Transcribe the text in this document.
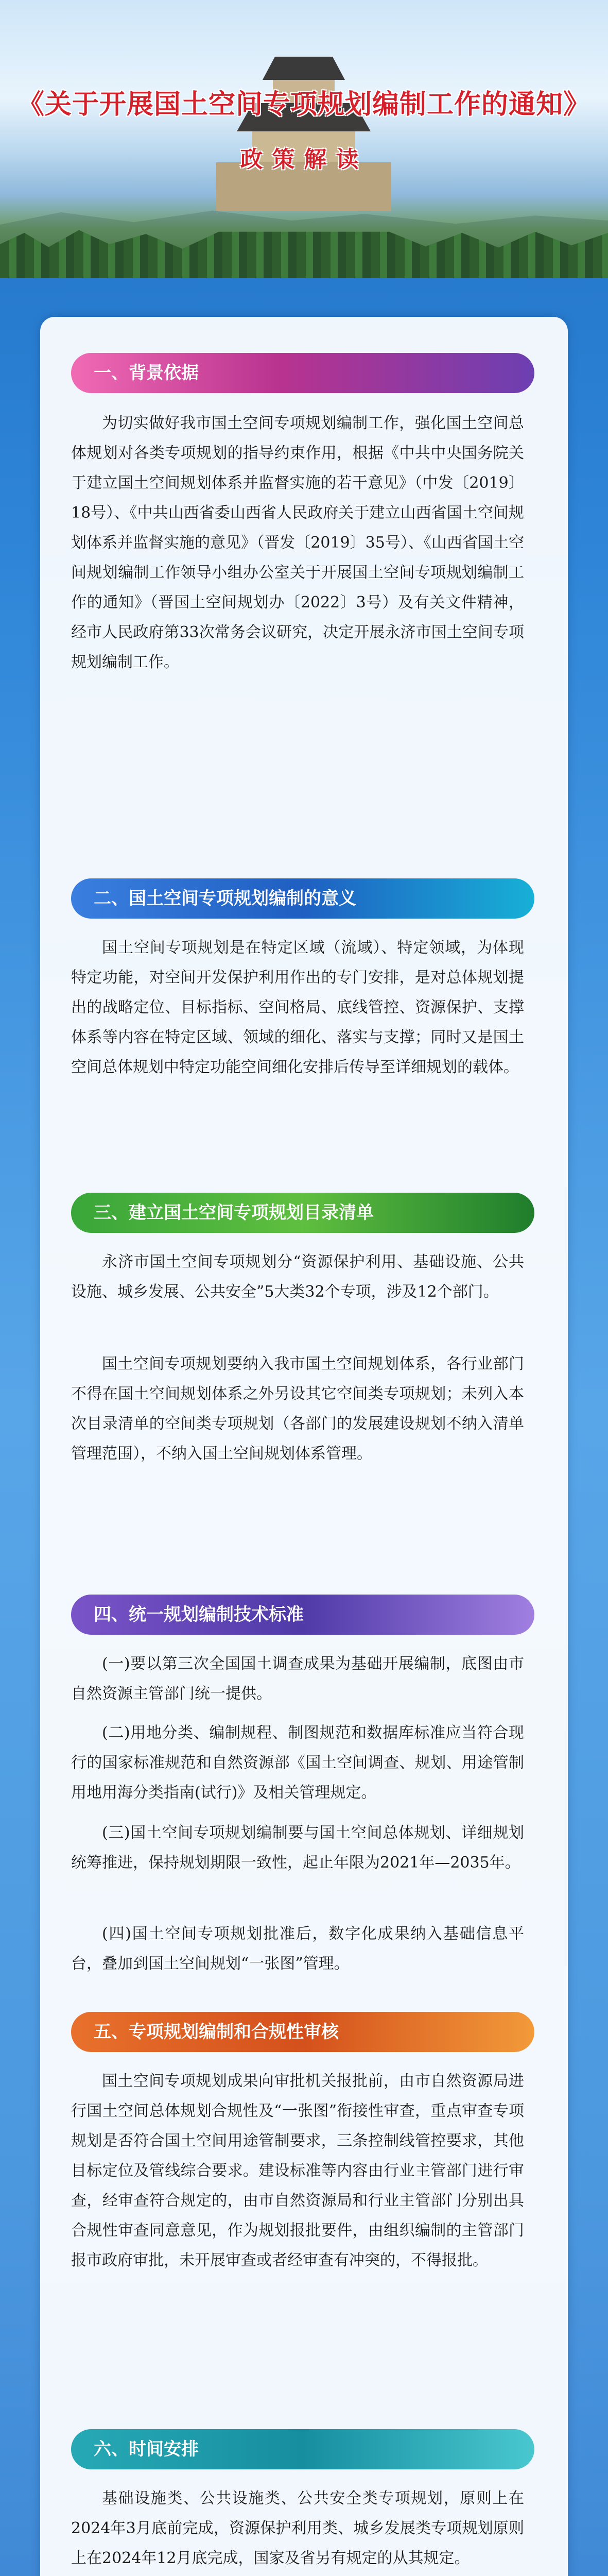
《关于开展国土空间专项规划编制工作的通知》
政策解读
一、背景依据

为切实做好我市国土空间专项规划编制工作，强化国土空间总体规划对各类专项规划的指导约束作用，根据《中共中央国务院关于建立国土空间规划体系并监督实施的若干意见》（中发〔2019〕18号）、《中共山西省委山西省人民政府关于建立山西省国土空间规划体系并监督实施的意见》（晋发〔2019〕35号）、《山西省国土空间规划编制工作领导小组办公室关于开展国土空间专项规划编制工作的通知》（晋国土空间规划办〔2022〕3号）及有关文件精神，经市人民政府第33次常务会议研究，决定开展永济市国土空间专项规划编制工作。

二、国土空间专项规划编制的意义

国土空间专项规划是在特定区域（流域）、特定领域，为体现特定功能，对空间开发保护利用作出的专门安排，是对总体规划提出的战略定位、目标指标、空间格局、底线管控、资源保护、支撑体系等内容在特定区域、领域的细化、落实与支撑；同时又是国土空间总体规划中特定功能空间细化安排后传导至详细规划的载体。

三、建立国土空间专项规划目录清单

永济市国土空间专项规划分“资源保护利用、基础设施、公共设施、城乡发展、公共安全”5大类32个专项，涉及12个部门。

国土空间专项规划要纳入我市国土空间规划体系，各行业部门不得在国土空间规划体系之外另设其它空间类专项规划；未列入本次目录清单的空间类专项规划（各部门的发展建设规划不纳入清单管理范围），不纳入国土空间规划体系管理。

四、统一规划编制技术标准

(一)要以第三次全国国土调查成果为基础开展编制，底图由市自然资源主管部门统一提供。

(二)用地分类、编制规程、制图规范和数据库标准应当符合现行的国家标准规范和自然资源部《国土空间调查、规划、用途管制用地用海分类指南(试行)》及相关管理规定。

(三)国土空间专项规划编制要与国土空间总体规划、详细规划统筹推进，保持规划期限一致性，起止年限为2021年—2035年。

(四)国土空间专项规划批准后，数字化成果纳入基础信息平台，叠加到国土空间规划“一张图”管理。

五、专项规划编制和合规性审核

国土空间专项规划成果向审批机关报批前，由市自然资源局进行国土空间总体规划合规性及“一张图”衔接性审查，重点审查专项规划是否符合国土空间用途管制要求，三条控制线管控要求，其他目标定位及管线综合要求。建设标准等内容由行业主管部门进行审查，经审查符合规定的，由市自然资源局和行业主管部门分别出具合规性审查同意意见，作为规划报批要件，由组织编制的主管部门报市政府审批，未开展审查或者经审查有冲突的，不得报批。

六、时间安排

基础设施类、公共设施类、公共安全类专项规划，原则上在2024年3月底前完成，资源保护利用类、城乡发展类专项规划原则上在2024年12月底完成，国家及省另有规定的从其规定。
